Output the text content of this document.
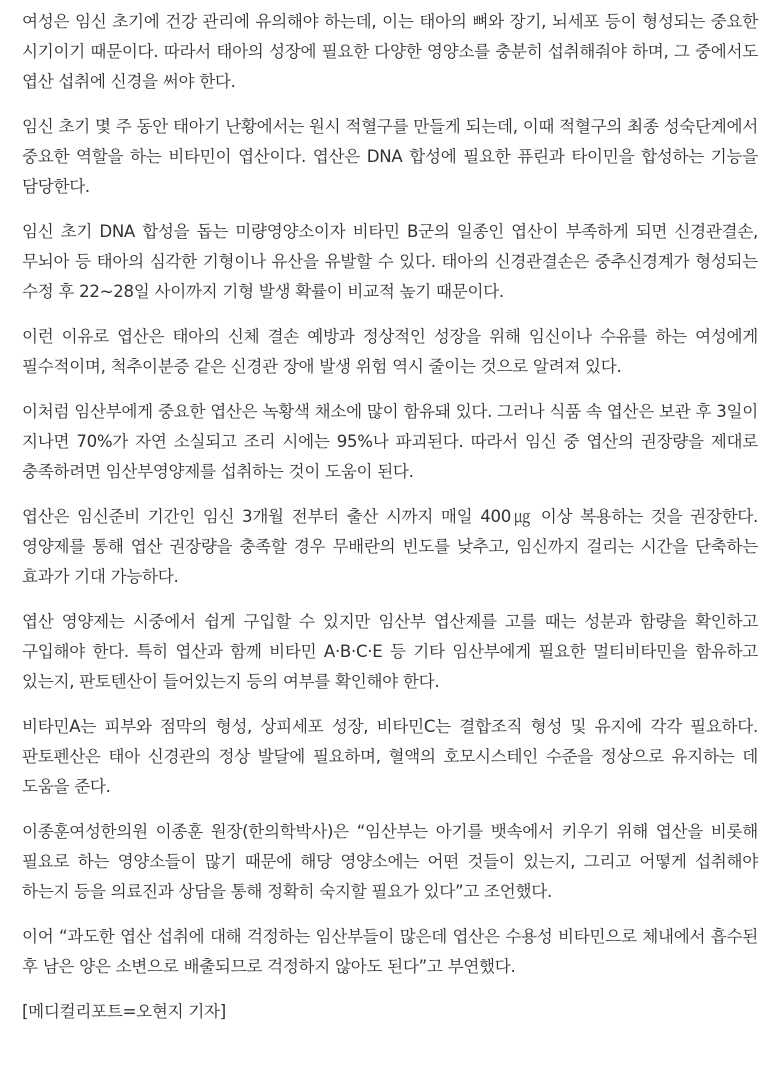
여성은 임신 초기에 건강 관리에 유의해야 하는데, 이는 태아의 뼈와 장기, 뇌세포 등이 형성되는 중요한 시기이기 때문이다. 따라서 태아의 성장에 필요한 다양한 영양소를 충분히 섭취해줘야 하며, 그 중에서도 엽산 섭취에 신경을 써야 한다.

임신 초기 몇 주 동안 태아기 난황에서는 원시 적혈구를 만들게 되는데, 이때 적혈구의 최종 성숙단계에서 중요한 역할을 하는 비타민이 엽산이다. 엽산은 DNA 합성에 필요한 퓨린과 타이민을 합성하는 기능을 담당한다.

임신 초기 DNA 합성을 돕는 미량영양소이자 비타민 B군의 일종인 엽산이 부족하게 되면 신경관결손, 무뇌아 등 태아의 심각한 기형이나 유산을 유발할 수 있다. 태아의 신경관결손은 중추신경계가 형성되는 수정 후 22~28일 사이까지 기형 발생 확률이 비교적 높기 때문이다.

이런 이유로 엽산은 태아의 신체 결손 예방과 정상적인 성장을 위해 임신이나 수유를 하는 여성에게 필수적이며, 척추이분증 같은 신경관 장애 발생 위험 역시 줄이는 것으로 알려져 있다.

이처럼 임산부에게 중요한 엽산은 녹황색 채소에 많이 함유돼 있다. 그러나 식품 속 엽산은 보관 후 3일이 지나면 70%가 자연 소실되고 조리 시에는 95%나 파괴된다. 따라서 임신 중 엽산의 권장량을 제대로 충족하려면 임산부영양제를 섭취하는 것이 도움이 된다.

엽산은 임신준비 기간인 임신 3개월 전부터 출산 시까지 매일 400㎍ 이상 복용하는 것을 권장한다. 영양제를 통해 엽산 권장량을 충족할 경우 무배란의 빈도를 낮추고, 임신까지 걸리는 시간을 단축하는 효과가 기대 가능하다.

엽산 영양제는 시중에서 쉽게 구입할 수 있지만 임산부 엽산제를 고를 때는 성분과 함량을 확인하고 구입해야 한다. 특히 엽산과 함께 비타민 A·B·C·E 등 기타 임산부에게 필요한 멀티비타민을 함유하고 있는지, 판토텐산이 들어있는지 등의 여부를 확인해야 한다.

비타민A는 피부와 점막의 형성, 상피세포 성장, 비타민C는 결합조직 형성 및 유지에 각각 필요하다. 판토펜산은 태아 신경관의 정상 발달에 필요하며, 혈액의 호모시스테인 수준을 정상으로 유지하는 데 도움을 준다.

이종훈여성한의원 이종훈 원장(한의학박사)은 “임산부는 아기를 뱃속에서 키우기 위해 엽산을 비롯해 필요로 하는 영양소들이 많기 때문에 해당 영양소에는 어떤 것들이 있는지, 그리고 어떻게 섭취해야 하는지 등을 의료진과 상담을 통해 정확히 숙지할 필요가 있다”고 조언했다.

이어 “과도한 엽산 섭취에 대해 걱정하는 임산부들이 많은데 엽산은 수용성 비타민으로 체내에서 흡수된 후 남은 양은 소변으로 배출되므로 걱정하지 않아도 된다”고 부연했다.

[메디컬리포트=오현지 기자]
